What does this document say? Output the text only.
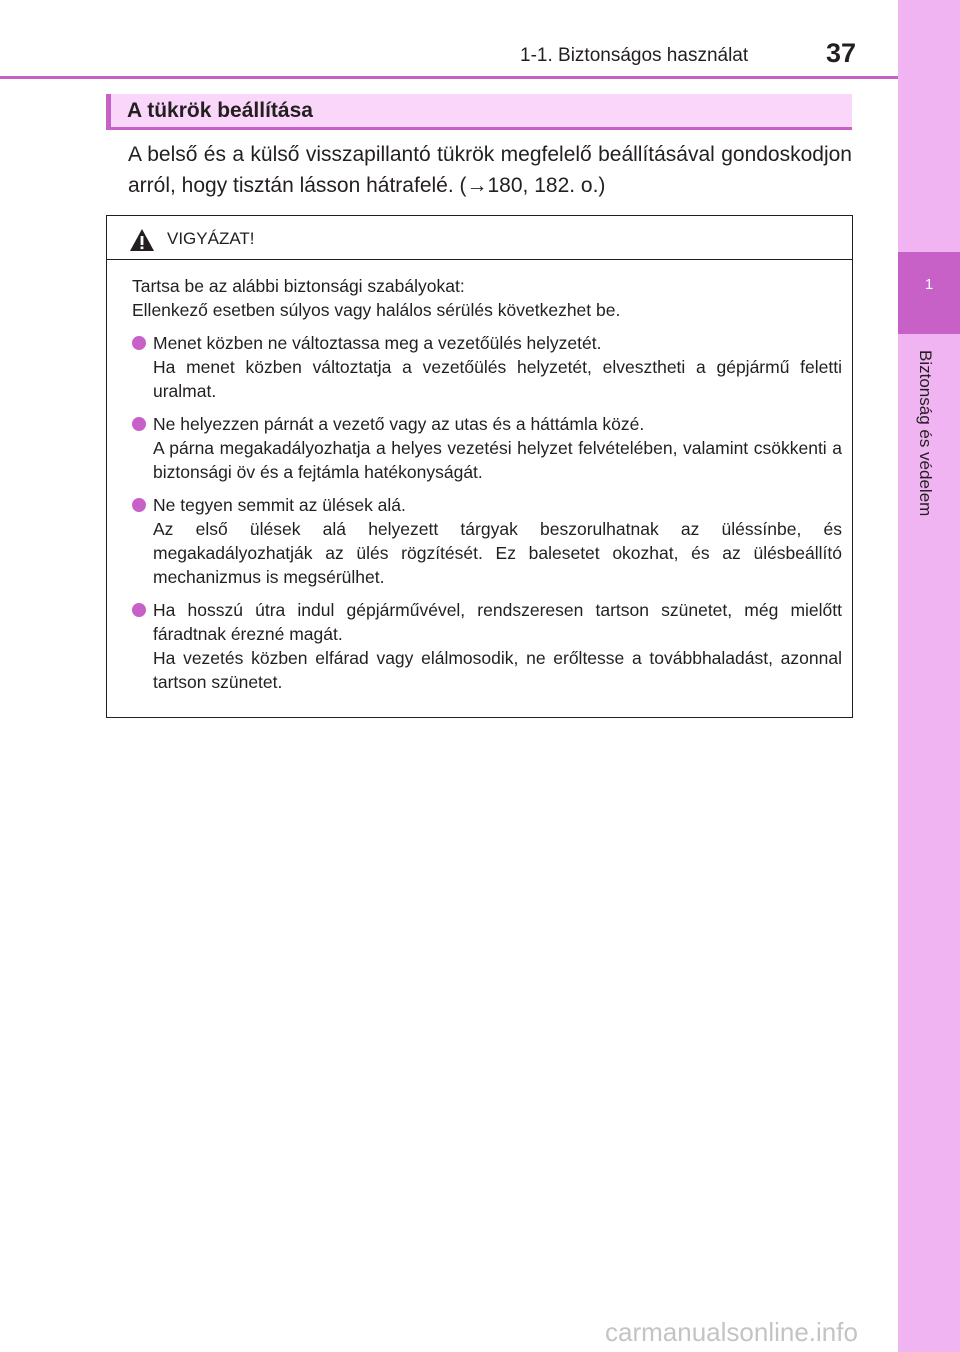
1-1. Biztonságos használat	37
1
Biztonság és védelem
A tükrök beállítása

A belső és a külső visszapillantó tükrök megfelelő beállításával gondoskodjon arról, hogy tisztán lásson hátrafelé. (→180, 182. o.)

VIGYÁZAT!

Tartsa be az alábbi biztonsági szabályokat:

Ellenkező esetben súlyos vagy halálos sérülés következhet be.

Menet közben ne változtassa meg a vezetőülés helyzetét.

Ha menet közben változtatja a vezetőülés helyzetét, elvesztheti a gépjármű feletti uralmat.

Ne helyezzen párnát a vezető vagy az utas és a háttámla közé.

A párna megakadályozhatja a helyes vezetési helyzet felvételében, valamint csökkenti a biztonsági öv és a fejtámla hatékonyságát.

Ne tegyen semmit az ülések alá.

Az első ülések alá helyezett tárgyak beszorulhatnak az üléssínbe, és megakadályozhatják az ülés rögzítését. Ez balesetet okozhat, és az ülésbeállító mechanizmus is megsérülhet.

Ha hosszú útra indul gépjárművével, rendszeresen tartson szünetet, még mielőtt fáradtnak érezné magát.

Ha vezetés közben elfárad vagy elálmosodik, ne erőltesse a továbbhaladást, azonnal tartson szünetet.

carmanualsonline.info
